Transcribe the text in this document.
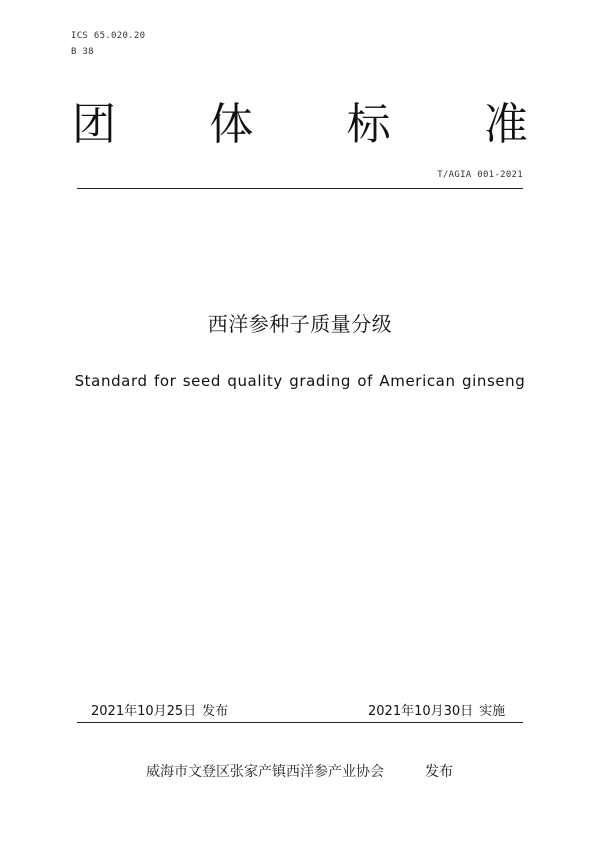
ICS 65.020.20
B 38
团 体 标 准
T/AGIA 001-2021
西洋参种子质量分级
Standard for seed quality grading of American ginseng
2021年10月25日 发布	2021年10月30日 实施
威海市文登区张家产镇西洋参产业协会	发布
